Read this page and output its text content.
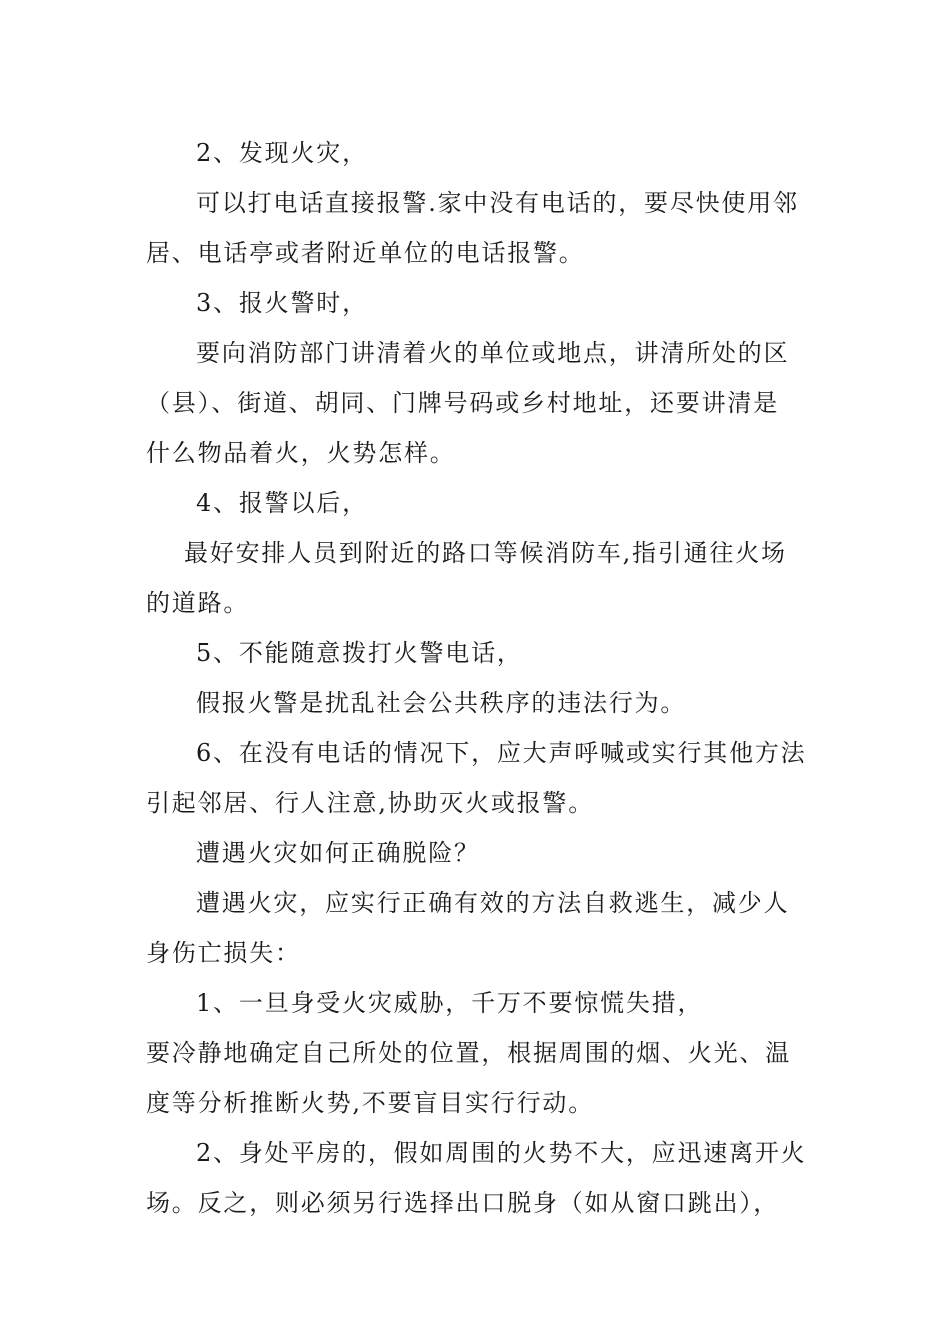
2、发现火灾，

可以打电话直接报警.家中没有电话的，要尽快使用邻
居、电话亭或者附近单位的电话报警。

3、报火警时，

要向消防部门讲清着火的单位或地点，讲清所处的区
（县）、街道、胡同、门牌号码或乡村地址，还要讲清是
什么物品着火，火势怎样。

4、报警以后，

最好安排人员到附近的路口等候消防车,指引通往火场
的道路。

5、不能随意拨打火警电话，

假报火警是扰乱社会公共秩序的违法行为。

6、在没有电话的情况下，应大声呼喊或实行其他方法
引起邻居、行人注意,协助灭火或报警。

遭遇火灾如何正确脱险？

遭遇火灾，应实行正确有效的方法自救逃生，减少人
身伤亡损失：

1、一旦身受火灾威胁，千万不要惊慌失措，

要冷静地确定自己所处的位置，根据周围的烟、火光、温
度等分析推断火势,不要盲目实行行动。

2、身处平房的，假如周围的火势不大，应迅速离开火
场。反之，则必须另行选择出口脱身（如从窗口跳出），
